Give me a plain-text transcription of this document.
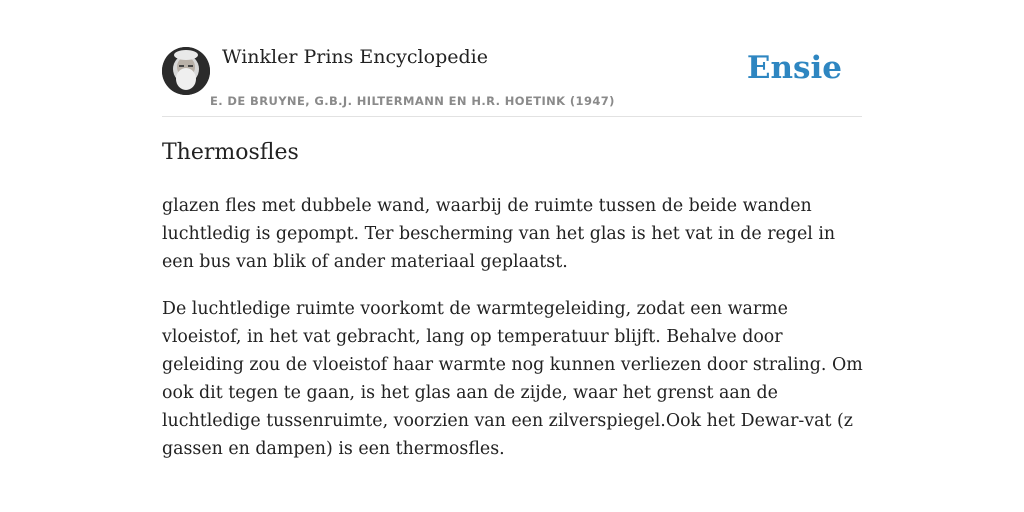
Winkler Prins Encyclopedie
E. DE BRUYNE, G.B.J. HILTERMANN EN H.R. HOETINK (1947)
Ensie
Thermosfles

glazen fles met dubbele wand, waarbij de ruimte tussen de beide wanden luchtledig is gepompt. Ter bescherming van het glas is het vat in de regel in een bus van blik of ander materiaal geplaatst.

De luchtledige ruimte voorkomt de warmtegeleiding, zodat een warme vloeistof, in het vat gebracht, lang op temperatuur blijft. Behalve door geleiding zou de vloeistof haar warmte nog kunnen verliezen door straling. Om ook dit tegen te gaan, is het glas aan de zijde, waar het grenst aan de luchtledige tussenruimte, voorzien van een zilverspiegel.Ook het Dewar-vat (z gassen en dampen) is een thermosfles.
